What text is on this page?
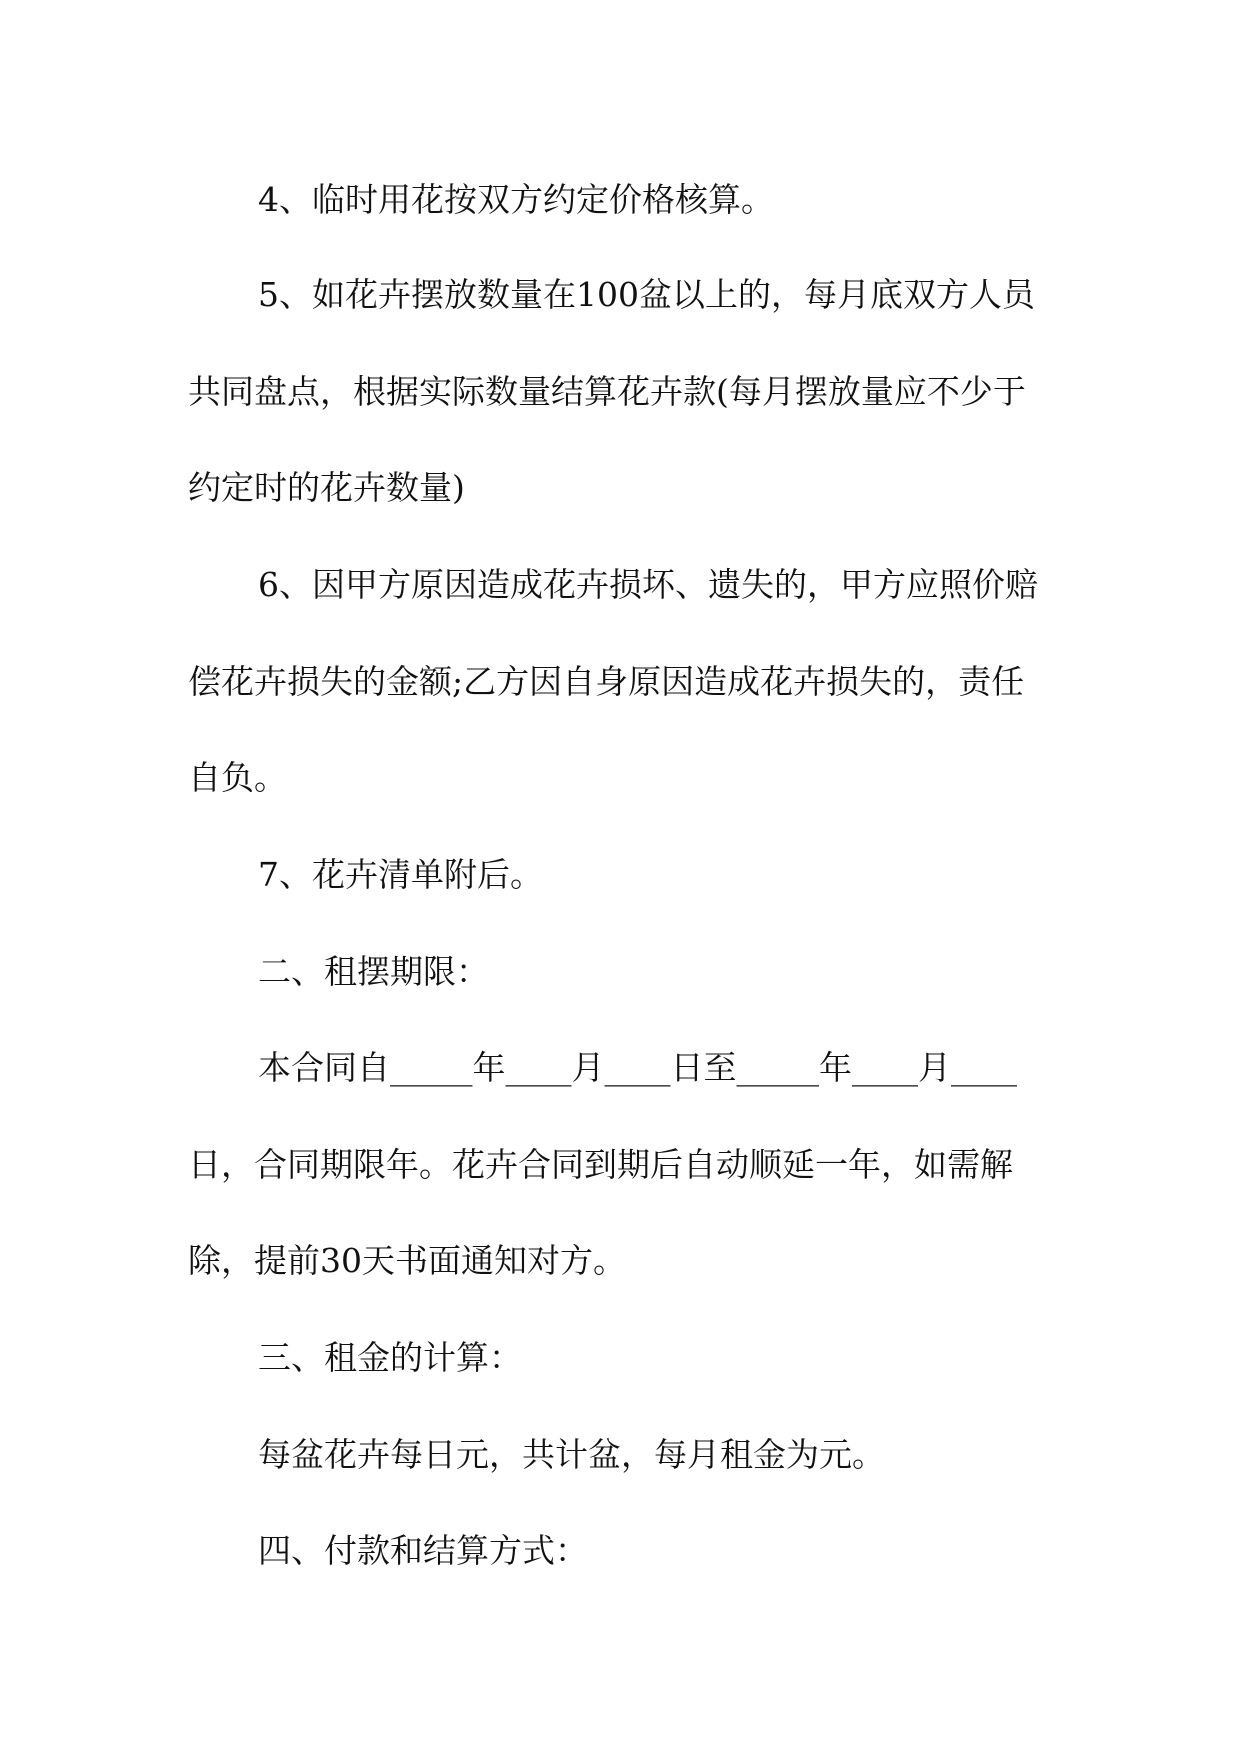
4、临时用花按双方约定价格核算。
5、如花卉摆放数量在100盆以上的，每月底双方人员
共同盘点，根据实际数量结算花卉款(每月摆放量应不少于
约定时的花卉数量)
6、因甲方原因造成花卉损坏、遗失的，甲方应照价赔
偿花卉损失的金额;乙方因自身原因造成花卉损失的，责任
自负。
7、花卉清单附后。
二、租摆期限：
本合同自_____年____月____日至_____年____月____
日，合同期限年。花卉合同到期后自动顺延一年，如需解
除，提前30天书面通知对方。
三、租金的计算：
每盆花卉每日元，共计盆，每月租金为元。
四、付款和结算方式：
